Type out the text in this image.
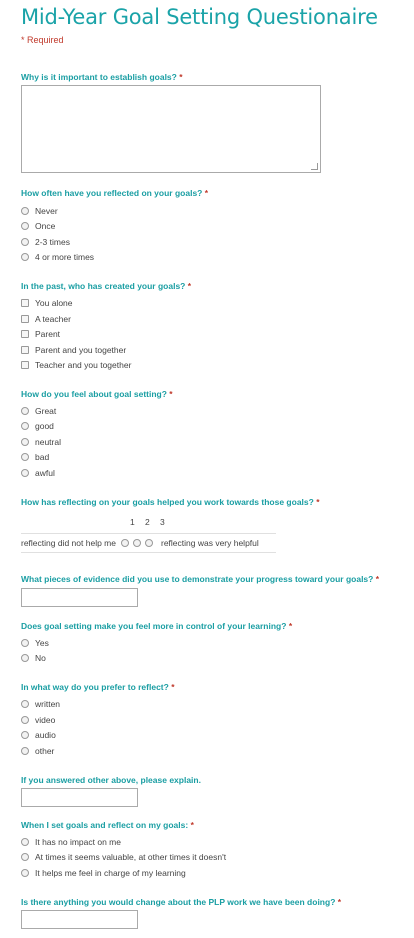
Mid-Year Goal Setting Questionaire
* Required
Why is it important to establish goals? *
How often have you reflected on your goals? *
Never
Once
2-3 times
4 or more times
In the past, who has created your goals? *
You alone
A teacher
Parent
Parent and you together
Teacher and you together
How do you feel about goal setting? *
Great
good
neutral
bad
awful
How has reflecting on your goals helped you work towards those goals? *
1 2 3
reflecting did not help me	reflecting was very helpful
What pieces of evidence did you use to demonstrate your progress toward your goals? *
Does goal setting make you feel more in control of your learning? *
Yes
No
In what way do you prefer to reflect? *
written
video
audio
other
If you answered other above, please explain.
When I set goals and reflect on my goals: *
It has no impact on me
At times it seems valuable, at other times it doesn't
It helps me feel in charge of my learning
Is there anything you would change about the PLP work we have been doing? *
